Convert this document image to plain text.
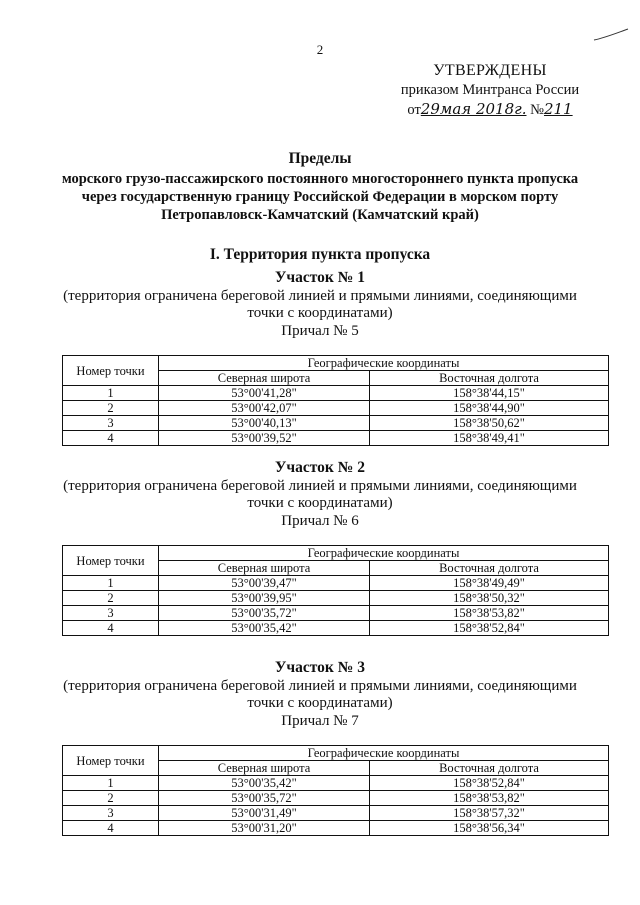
2
УТВЕРЖДЕНЫ
приказом Минтранса России
от29мая 2018г. №211
Пределы
морского грузо-пассажирского постоянного многостороннего пункта пропуска
через государственную границу Российской Федерации в морском порту
Петропавловск-Камчатский (Камчатский край)
I. Территория пункта пропуска
Участок № 1
(территория ограничена береговой линией и прямыми линиями, соединяющими
точки с координатами)
Причал № 5
Номер точки	Географические координаты	
	Северная широта	Восточная долгота
1	53°00'41,28"	158°38'44,15"
2	53°00'42,07"	158°38'44,90"
3	53°00'40,13"	158°38'50,62"
4	53°00'39,52"	158°38'49,41"
Участок № 2
(территория ограничена береговой линией и прямыми линиями, соединяющими
точки с координатами)
Причал № 6
Номер точки	Географические координаты	
	Северная широта	Восточная долгота
1	53°00'39,47"	158°38'49,49"
2	53°00'39,95"	158°38'50,32"
3	53°00'35,72"	158°38'53,82"
4	53°00'35,42"	158°38'52,84"
Участок № 3
(территория ограничена береговой линией и прямыми линиями, соединяющими
точки с координатами)
Причал № 7
Номер точки	Географические координаты	
	Северная широта	Восточная долгота
1	53°00'35,42"	158°38'52,84"
2	53°00'35,72"	158°38'53,82"
3	53°00'31,49"	158°38'57,32"
4	53°00'31,20"	158°38'56,34"
